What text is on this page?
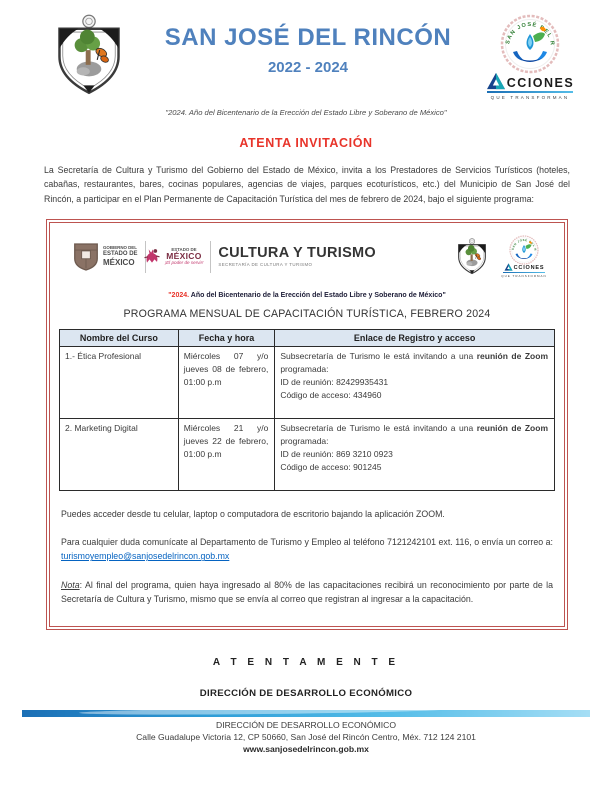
SAN JOSÉ DEL RINCÓN
2022 - 2024
CCIONES
QUE TRANSFORMAN
"2024. Año del Bicentenario de la Erección del Estado Libre y Soberano de México"
ATENTA INVITACIÓN

La Secretaría de Cultura y Turismo del Gobierno del Estado de México, invita a los Prestadores de Servicios Turísticos (hoteles, cabañas, restaurantes, bares, cocinas populares, agencias de viajes, parques ecoturísticos, etc.) del Municipio de San José del Rincón, a participar en el Plan Permanente de Capacitación Turística del mes de febrero de 2024, bajo el siguiente programa:

GOBIERNO DEL
ESTADO DE
MÉXICO
ESTADO DE
MÉXICO
¡El poder de servir!
CULTURA Y TURISMO
SECRETARÍA DE CULTURA Y TURISMO
CCIONES
QUE TRANSFORMAN
"2024. Año del Bicentenario de la Erección del Estado Libre y Soberano de México"
PROGRAMA MENSUAL DE CAPACITACIÓN TURÍSTICA, FEBRERO 2024
Nombre del Curso	Fecha y hora	Enlace de Registro y acceso
1.- Ética Profesional	Miércoles 07 y/o jueves 08 de febrero, 01:00 p.m	Subsecretaría de Turismo le está invitando a una reunión de Zoom programada:
ID de reunión: 82429935431
Código de acceso: 434960

2. Marketing Digital	Miércoles 21 y/o jueves 22 de febrero, 01:00 p.m	Subsecretaría de Turismo le está invitando a una reunión de Zoom programada:
ID de reunión: 869 3210 0923
Código de acceso: 901245

Puedes acceder desde tu celular, laptop o computadora de escritorio bajando la aplicación ZOOM.

Para cualquier duda comunícate al Departamento de Turismo y Empleo al teléfono 7121242101 ext. 116, o envía un correo a: turismoyempleo@sanjosedelrincon.gob.mx

Nota: Al final del programa, quien haya ingresado al 80% de las capacitaciones recibirá un reconocimiento por parte de la Secretaría de Cultura y Turismo, mismo que se envía al correo que registran al ingresar a la capacitación.

A T E N T A M E N T E
DIRECCIÓN DE DESARROLLO ECONÓMICO
DIRECCIÓN DE DESARROLLO ECONÓMICO
Calle Guadalupe Victoria 12, CP 50660, San José del Rincón Centro, Méx. 712 124 2101
www.sanjosedelrincon.gob.mx
